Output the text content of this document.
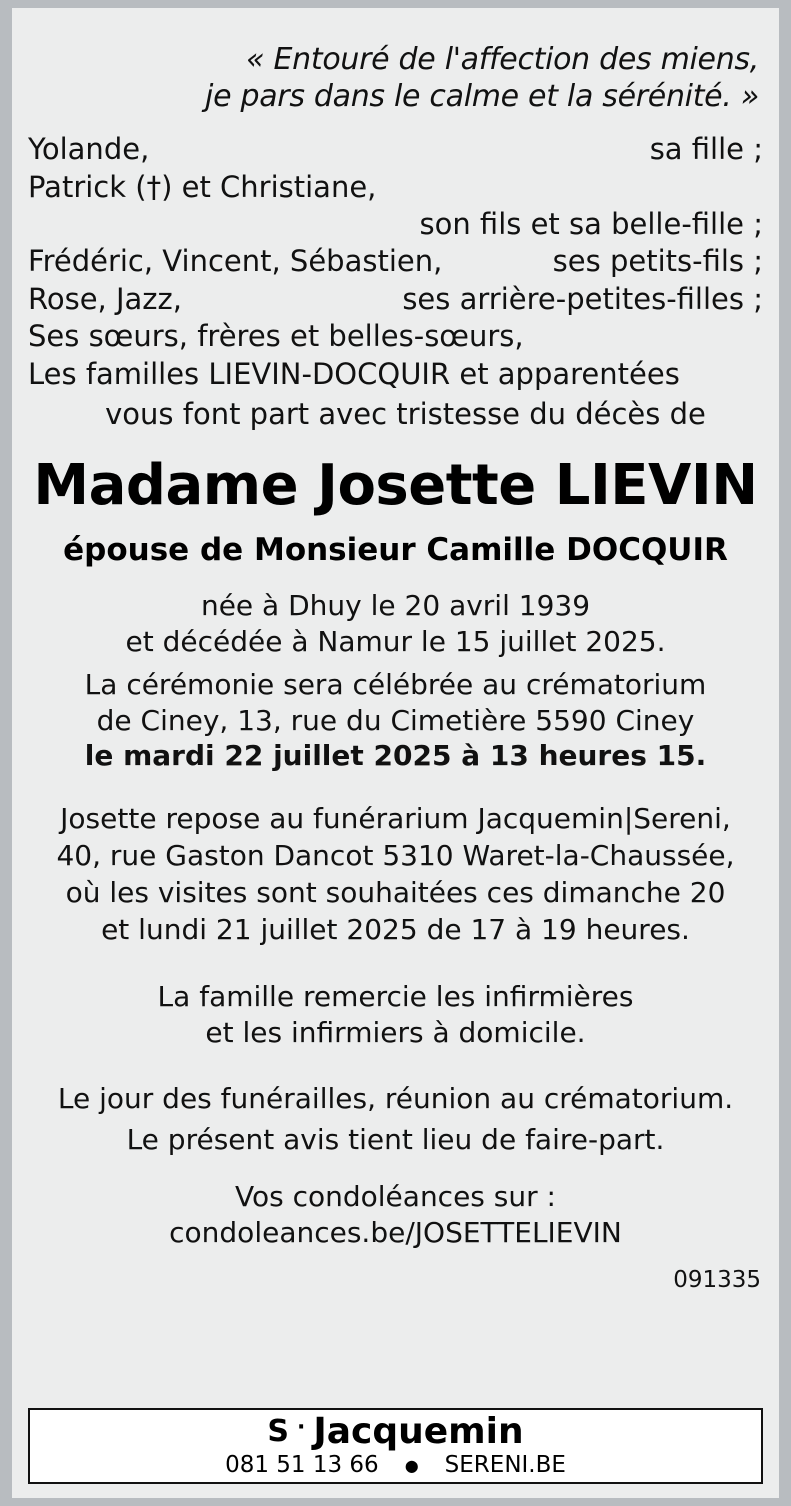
« Entouré de l'affection des miens,
je pars dans le calme et la sérénité. »
Yolande,	sa fille ;
Patrick (†) et Christiane,
son fils et sa belle-fille ;
Frédéric, Vincent, Sébastien,	ses petits-fils ;
Rose, Jazz,	ses arrière-petites-filles ;
Ses sœurs, frères et belles-sœurs,
Les familles LIEVIN-DOCQUIR et apparentées
vous font part avec tristesse du décès de
Madame Josette LIEVIN
épouse de Monsieur Camille DOCQUIR
née à Dhuy le 20 avril 1939
et décédée à Namur le 15 juillet 2025.
La cérémonie sera célébrée au crématorium
de Ciney, 13, rue du Cimetière 5590 Ciney
le mardi 22 juillet 2025 à 13 heures 15.
Josette repose au funérarium Jacquemin|Sereni,
40, rue Gaston Dancot 5310 Waret-la-Chaussée,
où les visites sont souhaitées ces dimanche 20
et lundi 21 juillet 2025 de 17 à 19 heures.
La famille remercie les infirmières
et les infirmiers à domicile.
Le jour des funérailles, réunion au crématorium.
Le présent avis tient lieu de faire-part.
Vos condoléances sur :
condoleances.be/JOSETTELIEVIN
091335
S · Jacquemin
081 51 13 66 ● SERENI.BE
